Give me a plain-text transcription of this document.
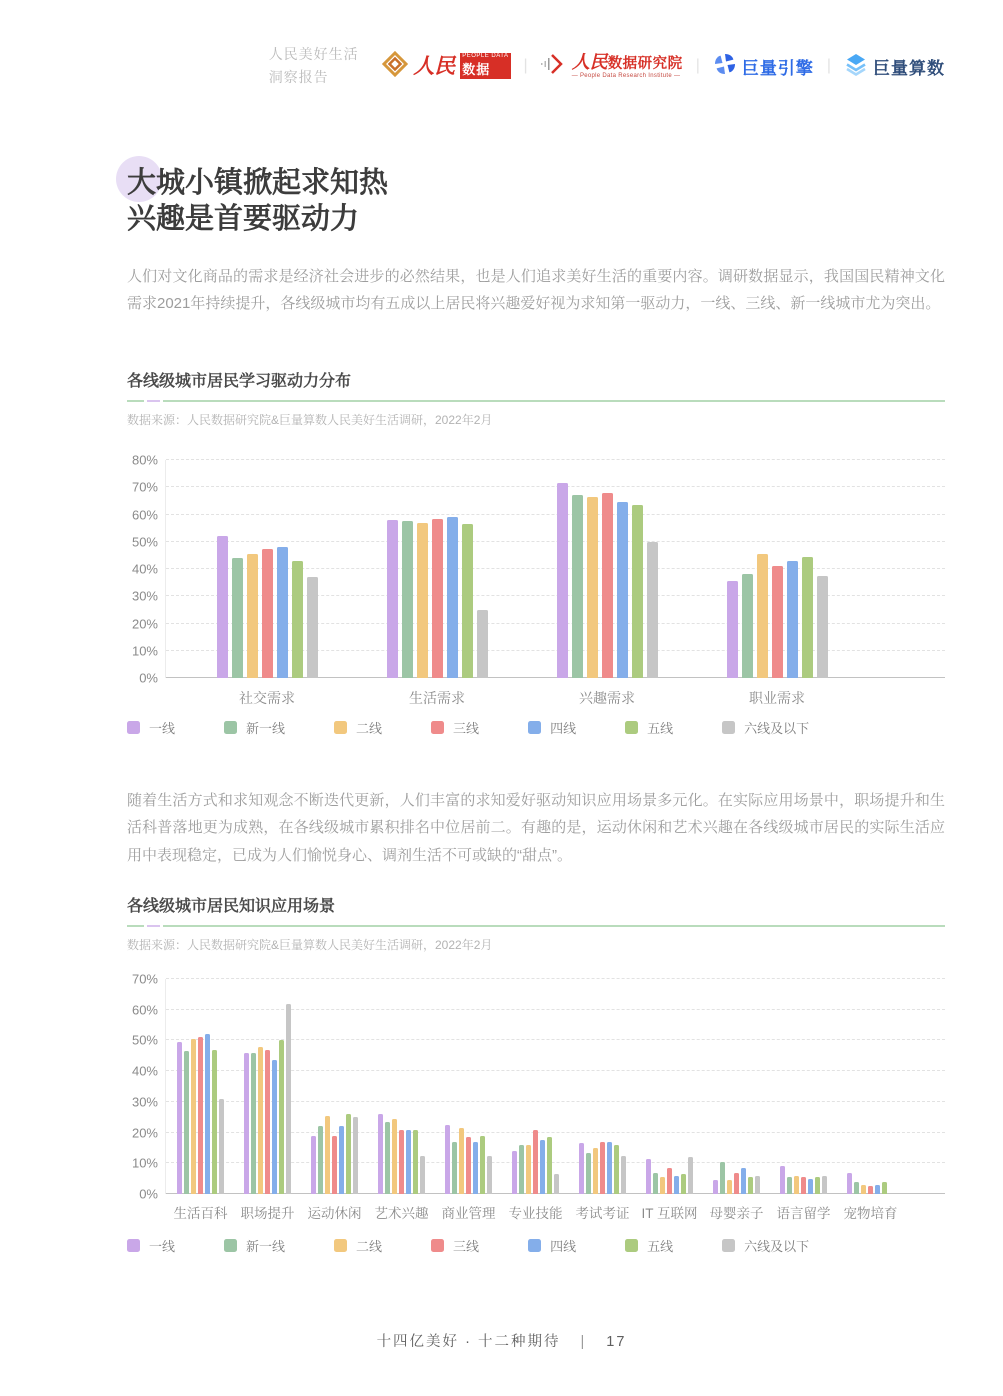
2022 人民美好生活
洞察报告	人民	PEOPLE DATA
数据	| 人民 数据研究院
— People Data Research Institute —
| 巨量引擎 | 巨量算数
大城小镇掀起求知热
兴趣是首要驱动力
人们对文化商品的需求是经济社会进步的必然结果，也是人们追求美好生活的重要内容。调研数据显示，我国国民精神文化需求2021年持续提升，各线级城市均有五成以上居民将兴趣爱好视为求知第一驱动力，一线、三线、新一线城市尤为突出。
各线级城市居民学习驱动力分布
数据来源：人民数据研究院&巨量算数人民美好生活调研，2022年2月
0%
10%
20%
30%
40%
50%
60%
70%
80%
社交需求	生活需求	兴趣需求	职业需求
一线	新一线	二线	三线	四线	五线	六线及以下
随着生活方式和求知观念不断迭代更新，人们丰富的求知爱好驱动知识应用场景多元化。在实际应用场景中，职场提升和生活科普落地更为成熟，在各线级城市累积排名中位居前二。有趣的是，运动休闲和艺术兴趣在各线级城市居民的实际生活应用中表现稳定，已成为人们愉悦身心、调剂生活不可或缺的“甜点”。
各线级城市居民知识应用场景
数据来源：人民数据研究院&巨量算数人民美好生活调研，2022年2月
0%
10%
20%
30%
40%
50%
60%
70%
生活百科 职场提升 运动休闲 艺术兴趣 商业管理 专业技能 考试考证 IT 互联网 母婴亲子 语言留学 宠物培育
一线	新一线	二线	三线	四线	五线	六线及以下
十四亿美好 · 十二种期待 | 17
